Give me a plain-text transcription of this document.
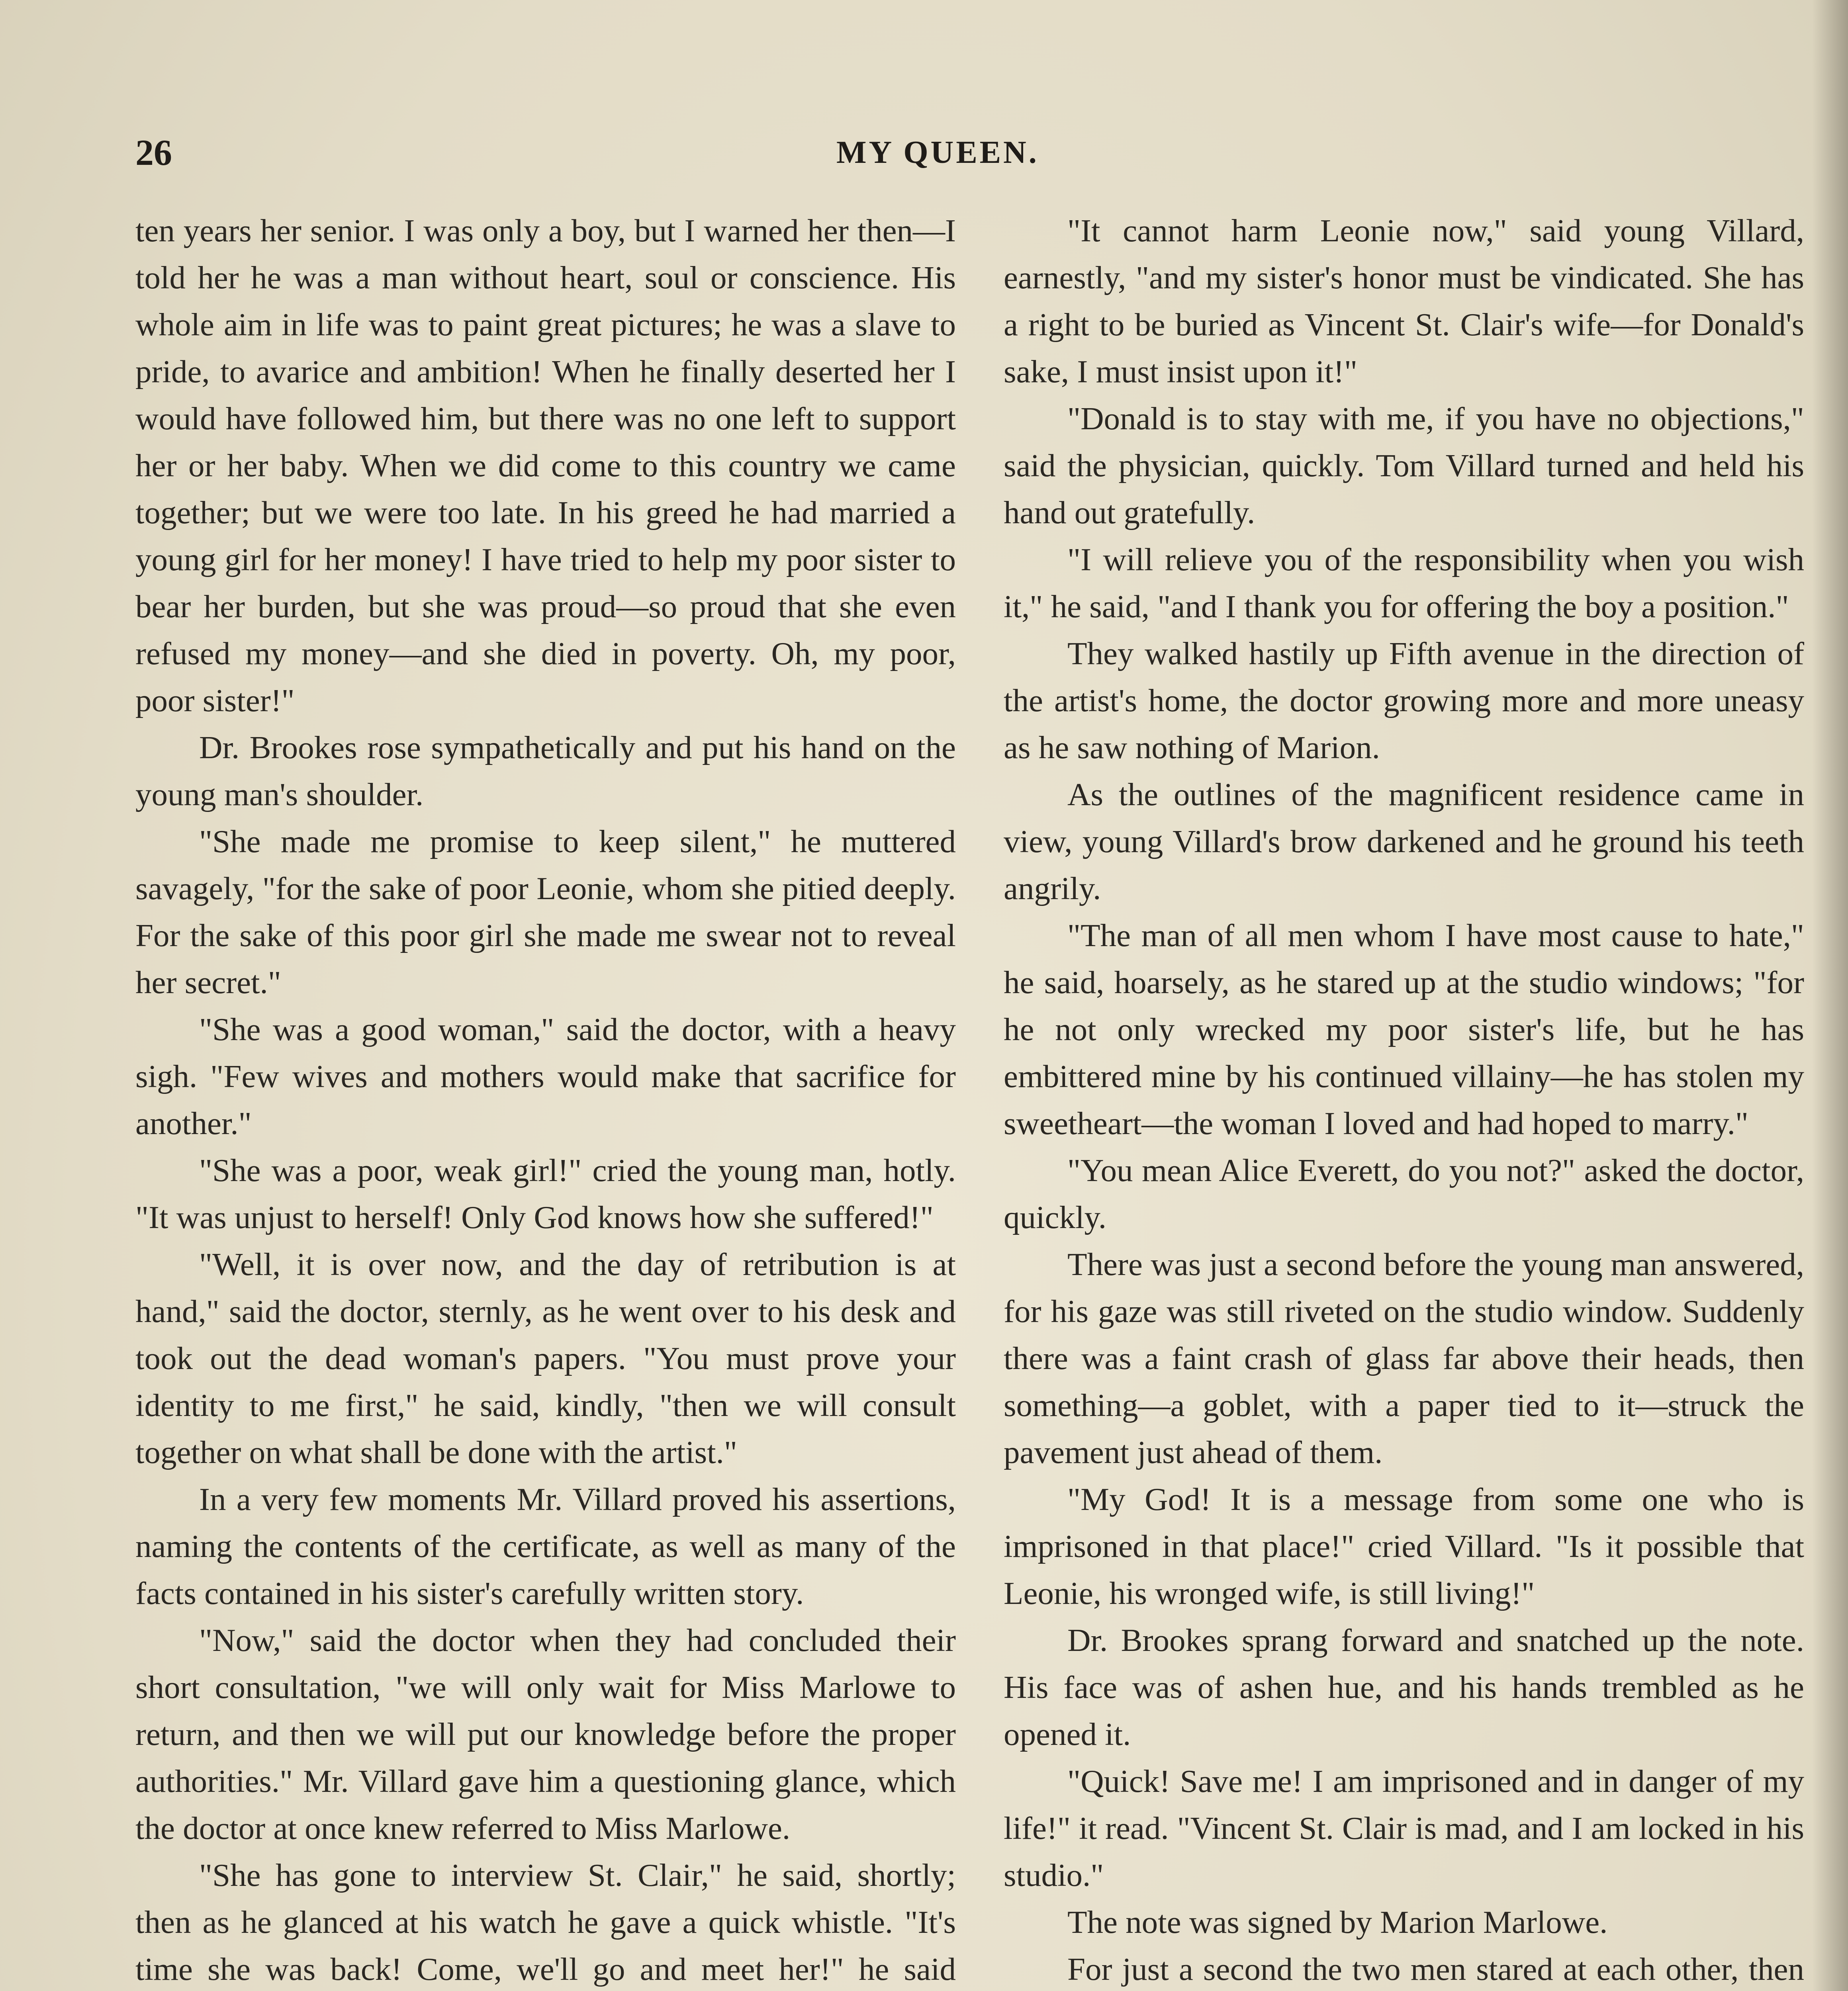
26	MY QUEEN.

ten years her senior. I was only a boy, but I warned her then—I told her he was a man without heart, soul or conscience. His whole aim in life was to paint great pictures; he was a slave to pride, to avarice and ambition! When he finally deserted her I would have followed him, but there was no one left to support her or her baby. When we did come to this country we came together; but we were too late. In his greed he had married a young girl for her money! I have tried to help my poor sister to bear her burden, but she was proud—so proud that she even refused my money—and she died in poverty. Oh, my poor, poor sister!"

Dr. Brookes rose sympathetically and put his hand on the young man's shoulder.

"She made me promise to keep silent," he muttered savagely, "for the sake of poor Leonie, whom she pitied deeply. For the sake of this poor girl she made me swear not to reveal her secret."

"She was a good woman," said the doctor, with a heavy sigh. "Few wives and mothers would make that sacrifice for another."

"She was a poor, weak girl!" cried the young man, hotly. "It was unjust to herself! Only God knows how she suffered!"

"Well, it is over now, and the day of retribution is at hand," said the doctor, sternly, as he went over to his desk and took out the dead woman's papers. "You must prove your identity to me first," he said, kindly, "then we will consult together on what shall be done with the artist."

In a very few moments Mr. Villard proved his assertions, naming the contents of the certificate, as well as many of the facts contained in his sister's carefully written story.

"Now," said the doctor when they had concluded their short consultation, "we will only wait for Miss Marlowe to return, and then we will put our knowledge before the proper authorities." Mr. Villard gave him a questioning glance, which the doctor at once knew referred to Miss Marlowe.

"She has gone to interview St. Clair," he said, shortly; then as he glanced at his watch he gave a quick whistle. "It's time she was back! Come, we'll go and meet her!" he said

"It cannot harm Leonie now," said young Villard, earnestly, "and my sister's honor must be vindicated. She has a right to be buried as Vincent St. Clair's wife—for Donald's sake, I must insist upon it!"

"Donald is to stay with me, if you have no objections," said the physician, quickly. Tom Villard turned and held his hand out gratefully.

"I will relieve you of the responsibility when you wish it," he said, "and I thank you for offering the boy a position."

They walked hastily up Fifth avenue in the direction of the artist's home, the doctor growing more and more uneasy as he saw nothing of Marion.

As the outlines of the magnificent residence came in view, young Villard's brow darkened and he ground his teeth angrily.

"The man of all men whom I have most cause to hate," he said, hoarsely, as he stared up at the studio windows; "for he not only wrecked my poor sister's life, but he has embittered mine by his continued villainy—he has stolen my sweetheart—the woman I loved and had hoped to marry."

"You mean Alice Everett, do you not?" asked the doctor, quickly.

There was just a second before the young man answered, for his gaze was still riveted on the studio window. Suddenly there was a faint crash of glass far above their heads, then something—a goblet, with a paper tied to it—struck the pavement just ahead of them.

"My God! It is a message from some one who is imprisoned in that place!" cried Villard. "Is it possible that Leonie, his wronged wife, is still living!"

Dr. Brookes sprang forward and snatched up the note. His face was of ashen hue, and his hands trembled as he opened it.

"Quick! Save me! I am imprisoned and in danger of my life!" it read. "Vincent St. Clair is mad, and I am locked in his studio."

The note was signed by Marion Marlowe.

For just a second the two men stared at each other, then
